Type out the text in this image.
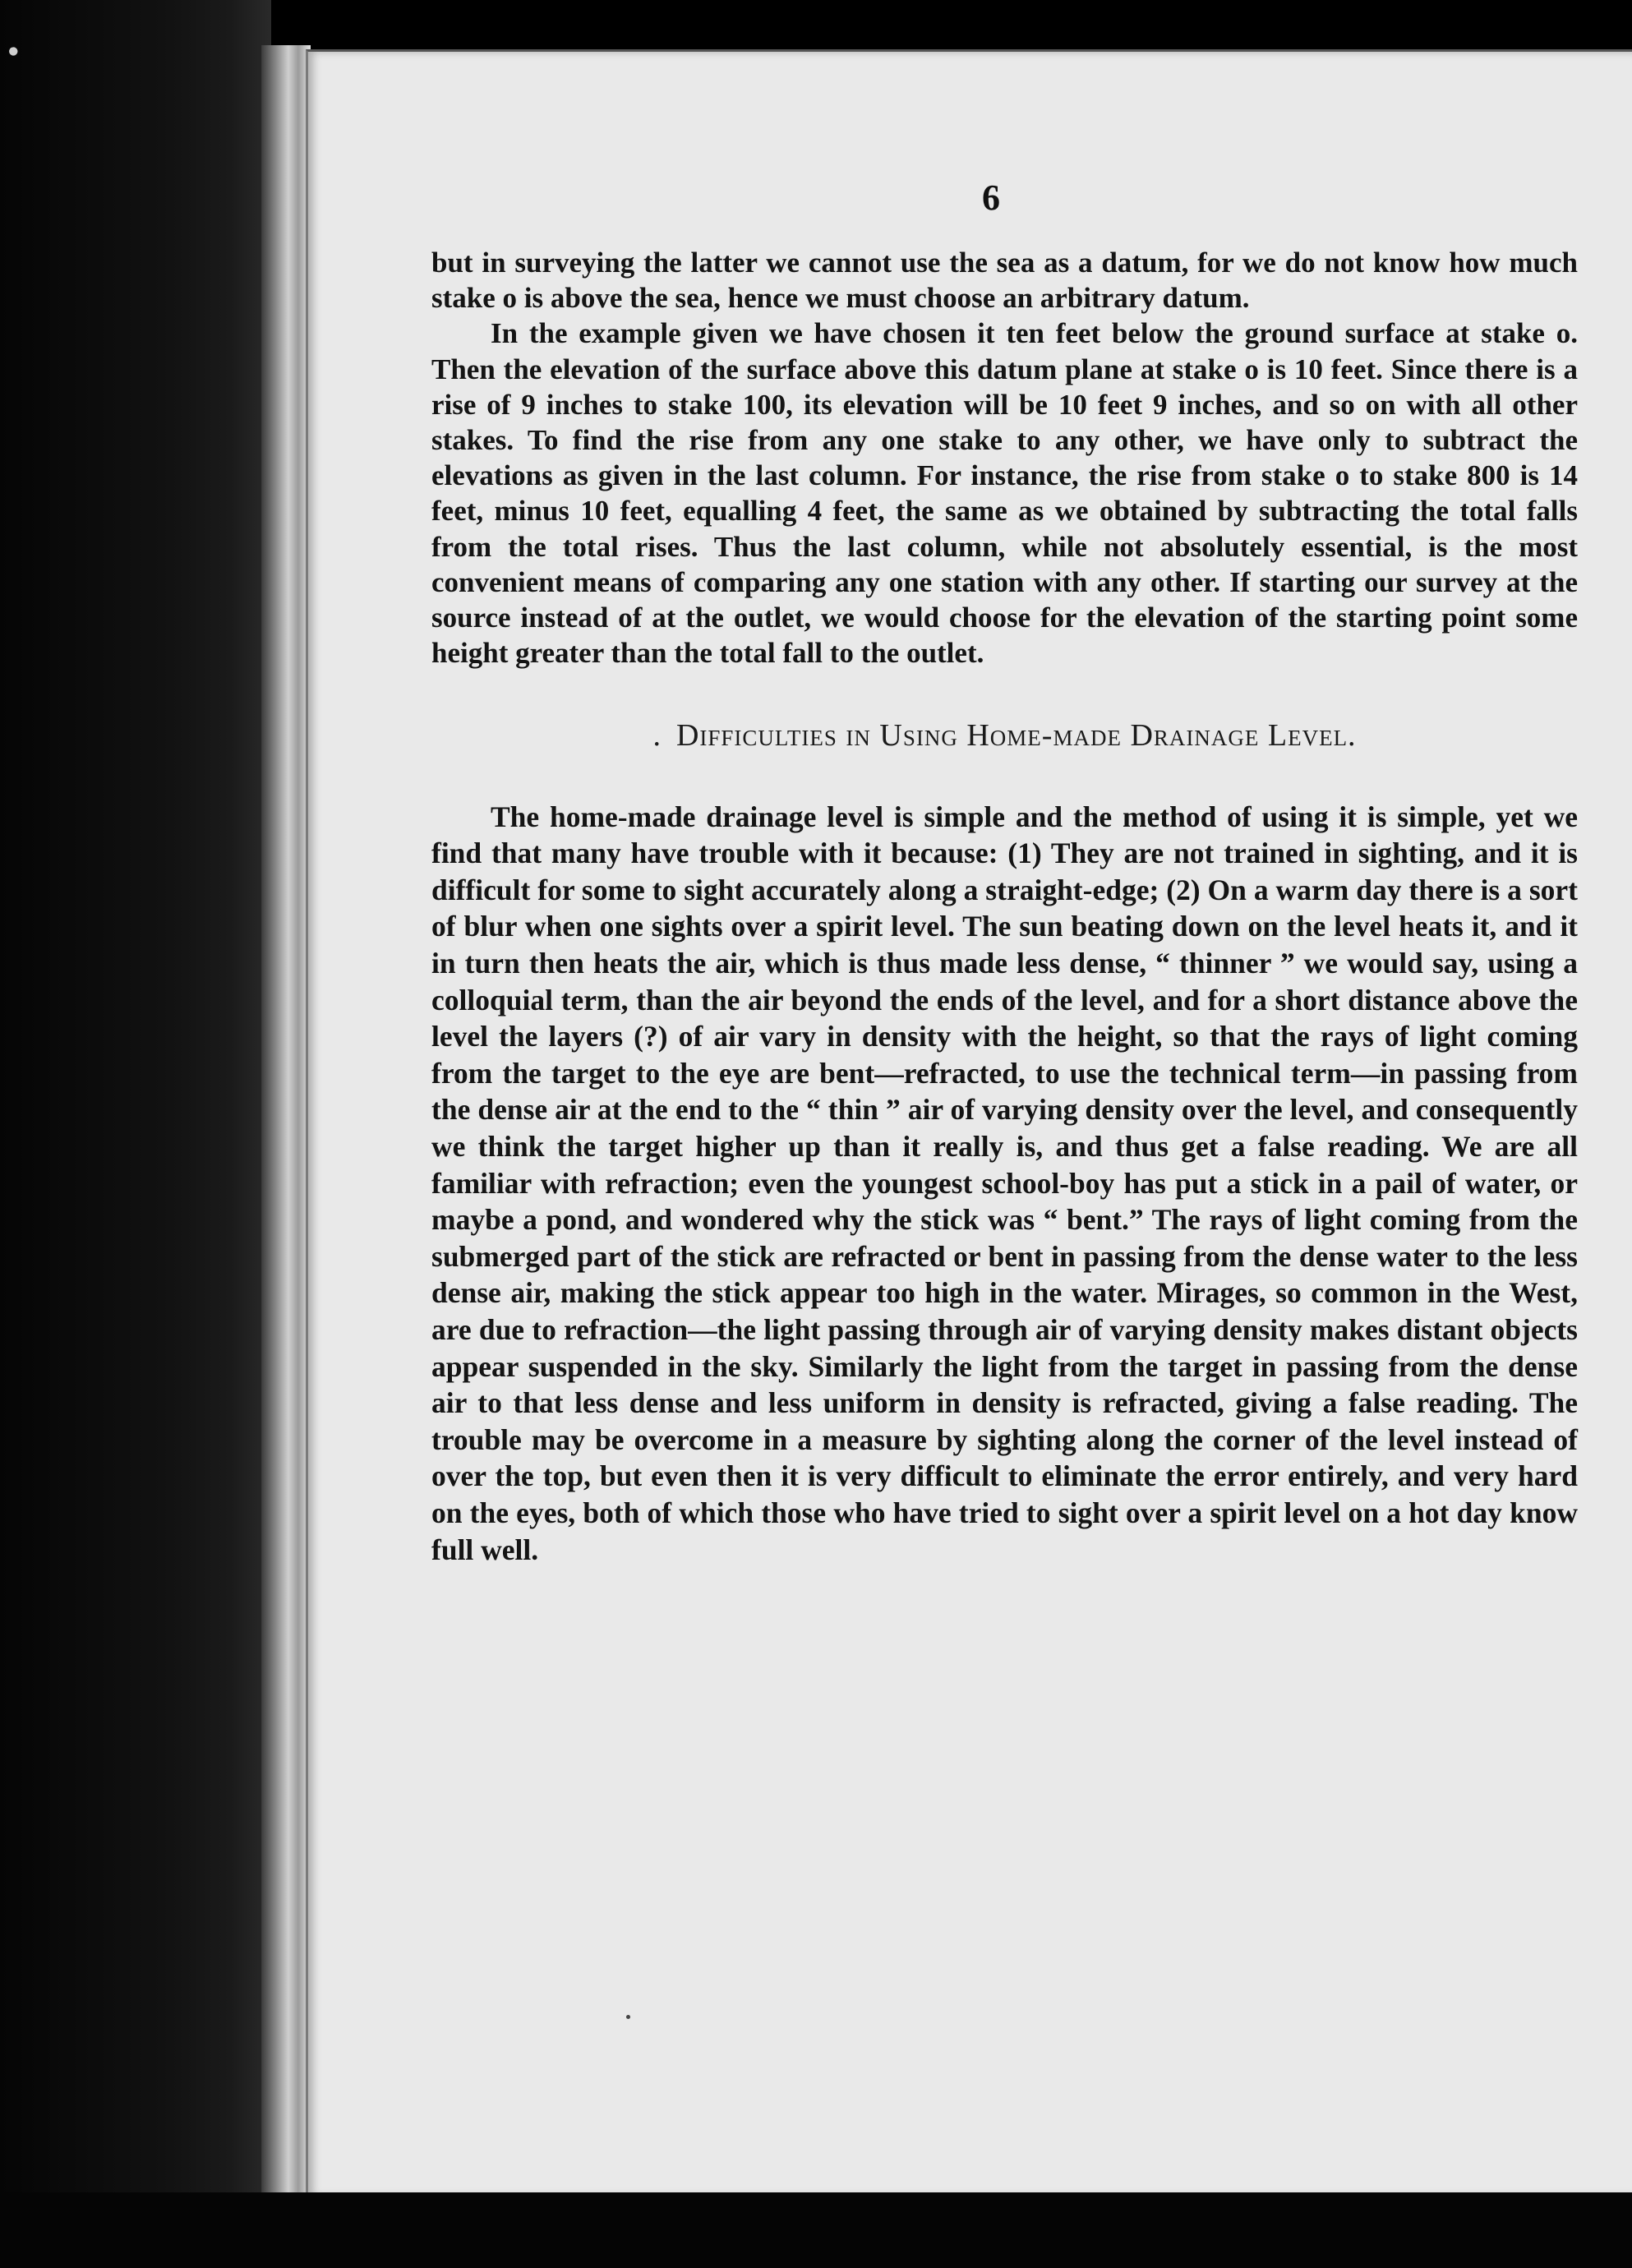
●
6

but in surveying the latter we cannot use the sea as a datum, for we do not know how much stake o is above the sea, hence we must choose an arbitrary datum.

In the example given we have chosen it ten feet below the ground surface at stake o. Then the elevation of the surface above this datum plane at stake o is 10 feet. Since there is a rise of 9 inches to stake 100, its elevation will be 10 feet 9 inches, and so on with all other stakes. To find the rise from any one stake to any other, we have only to subtract the elevations as given in the last column. For instance, the rise from stake o to stake 800 is 14 feet, minus 10 feet, equalling 4 feet, the same as we obtained by subtracting the total falls from the total rises. Thus the last column, while not absolutely essential, is the most convenient means of comparing any one station with any other. If starting our survey at the source instead of at the outlet, we would choose for the elevation of the starting point some height greater than the total fall to the outlet.

. Difficulties in Using Home-made Drainage Level.

The home-made drainage level is simple and the method of using it is simple, yet we find that many have trouble with it because: (1) They are not trained in sighting, and it is difficult for some to sight accurately along a straight-edge; (2) On a warm day there is a sort of blur when one sights over a spirit level. The sun beating down on the level heats it, and it in turn then heats the air, which is thus made less dense, “ thinner ” we would say, using a colloquial term, than the air beyond the ends of the level, and for a short distance above the level the layers (?) of air vary in density with the height, so that the rays of light coming from the target to the eye are bent—refracted, to use the technical term—in passing from the dense air at the end to the “ thin ” air of varying density over the level, and consequently we think the target higher up than it really is, and thus get a false reading. We are all familiar with refraction; even the youngest school-boy has put a stick in a pail of water, or maybe a pond, and wondered why the stick was “ bent.” The rays of light coming from the submerged part of the stick are refracted or bent in passing from the dense water to the less dense air, making the stick appear too high in the water. Mirages, so common in the West, are due to refraction—the light passing through air of varying density makes distant objects appear suspended in the sky. Similarly the light from the target in passing from the dense air to that less dense and less uniform in density is refracted, giving a false reading. The trouble may be overcome in a measure by sighting along the corner of the level instead of over the top, but even then it is very difficult to eliminate the error entirely, and very hard on the eyes, both of which those who have tried to sight over a spirit level on a hot day know full well.
